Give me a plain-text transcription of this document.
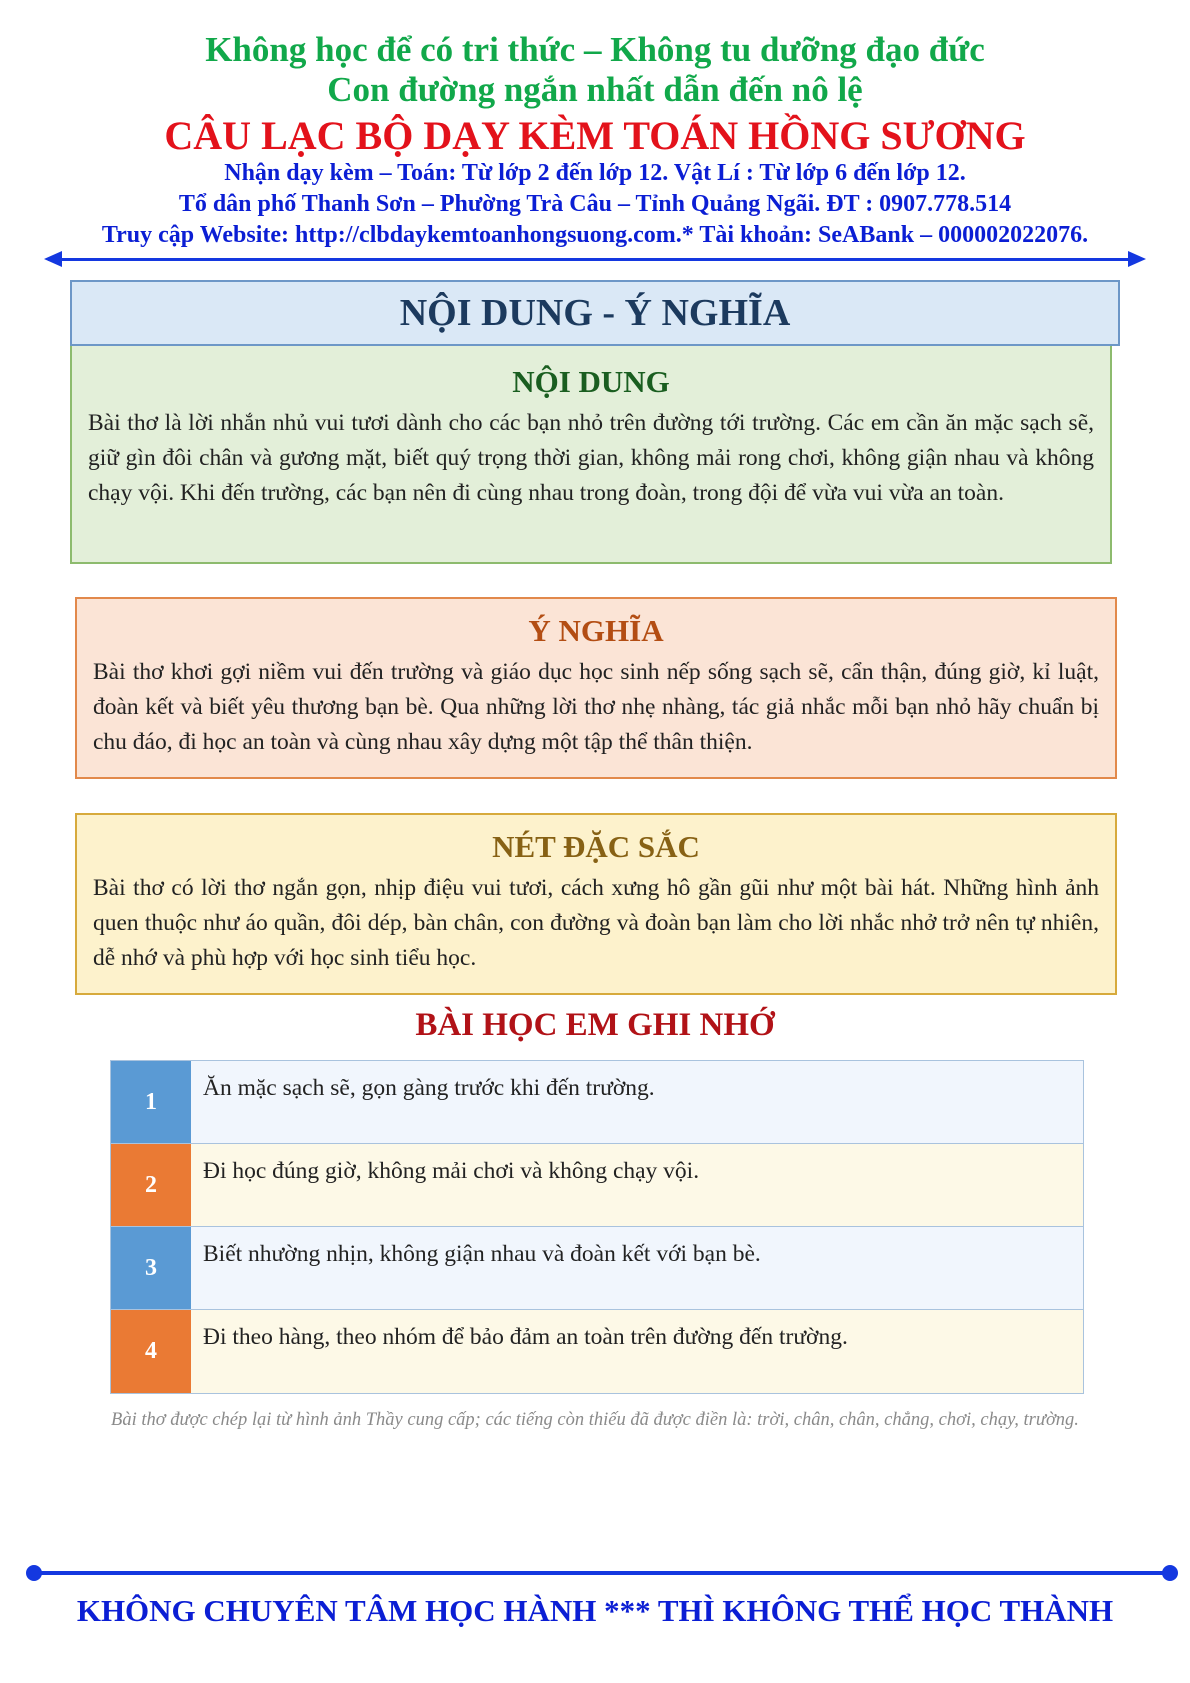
Không học để có tri thức – Không tu dưỡng đạo đức
Con đường ngắn nhất dẫn đến nô lệ
CÂU LẠC BỘ DẠY KÈM TOÁN HỒNG SƯƠNG
Nhận dạy kèm – Toán: Từ lớp 2 đến lớp 12. Vật Lí : Từ lớp 6 đến lớp 12.
Tổ dân phố Thanh Sơn – Phường Trà Câu – Tỉnh Quảng Ngãi. ĐT : 0907.778.514
Truy cập Website: http://clbdaykemtoanhongsuong.com.* Tài khoản: SeABank – 000002022076.
NỘI DUNG - Ý NGHĨA
NỘI DUNG

Bài thơ là lời nhắn nhủ vui tươi dành cho các bạn nhỏ trên đường tới trường. Các em cần ăn mặc sạch sẽ, giữ gìn đôi chân và gương mặt, biết quý trọng thời gian, không mải rong chơi, không giận nhau và không chạy vội. Khi đến trường, các bạn nên đi cùng nhau trong đoàn, trong đội để vừa vui vừa an toàn.

Ý NGHĨA

Bài thơ khơi gợi niềm vui đến trường và giáo dục học sinh nếp sống sạch sẽ, cẩn thận, đúng giờ, kỉ luật, đoàn kết và biết yêu thương bạn bè. Qua những lời thơ nhẹ nhàng, tác giả nhắc mỗi bạn nhỏ hãy chuẩn bị chu đáo, đi học an toàn và cùng nhau xây dựng một tập thể thân thiện.

NÉT ĐẶC SẮC

Bài thơ có lời thơ ngắn gọn, nhịp điệu vui tươi, cách xưng hô gần gũi như một bài hát. Những hình ảnh quen thuộc như áo quần, đôi dép, bàn chân, con đường và đoàn bạn làm cho lời nhắc nhở trở nên tự nhiên, dễ nhớ và phù hợp với học sinh tiểu học.

BÀI HỌC EM GHI NHỚ
1
Ăn mặc sạch sẽ, gọn gàng trước khi đến trường.
2
Đi học đúng giờ, không mải chơi và không chạy vội.
3
Biết nhường nhịn, không giận nhau và đoàn kết với bạn bè.
4
Đi theo hàng, theo nhóm để bảo đảm an toàn trên đường đến trường.
Bài thơ được chép lại từ hình ảnh Thầy cung cấp; các tiếng còn thiếu đã được điền là: trời, chân, chân, chẳng, chơi, chạy, trường.
KHÔNG CHUYÊN TÂM HỌC HÀNH *** THÌ KHÔNG THỂ HỌC THÀNH
